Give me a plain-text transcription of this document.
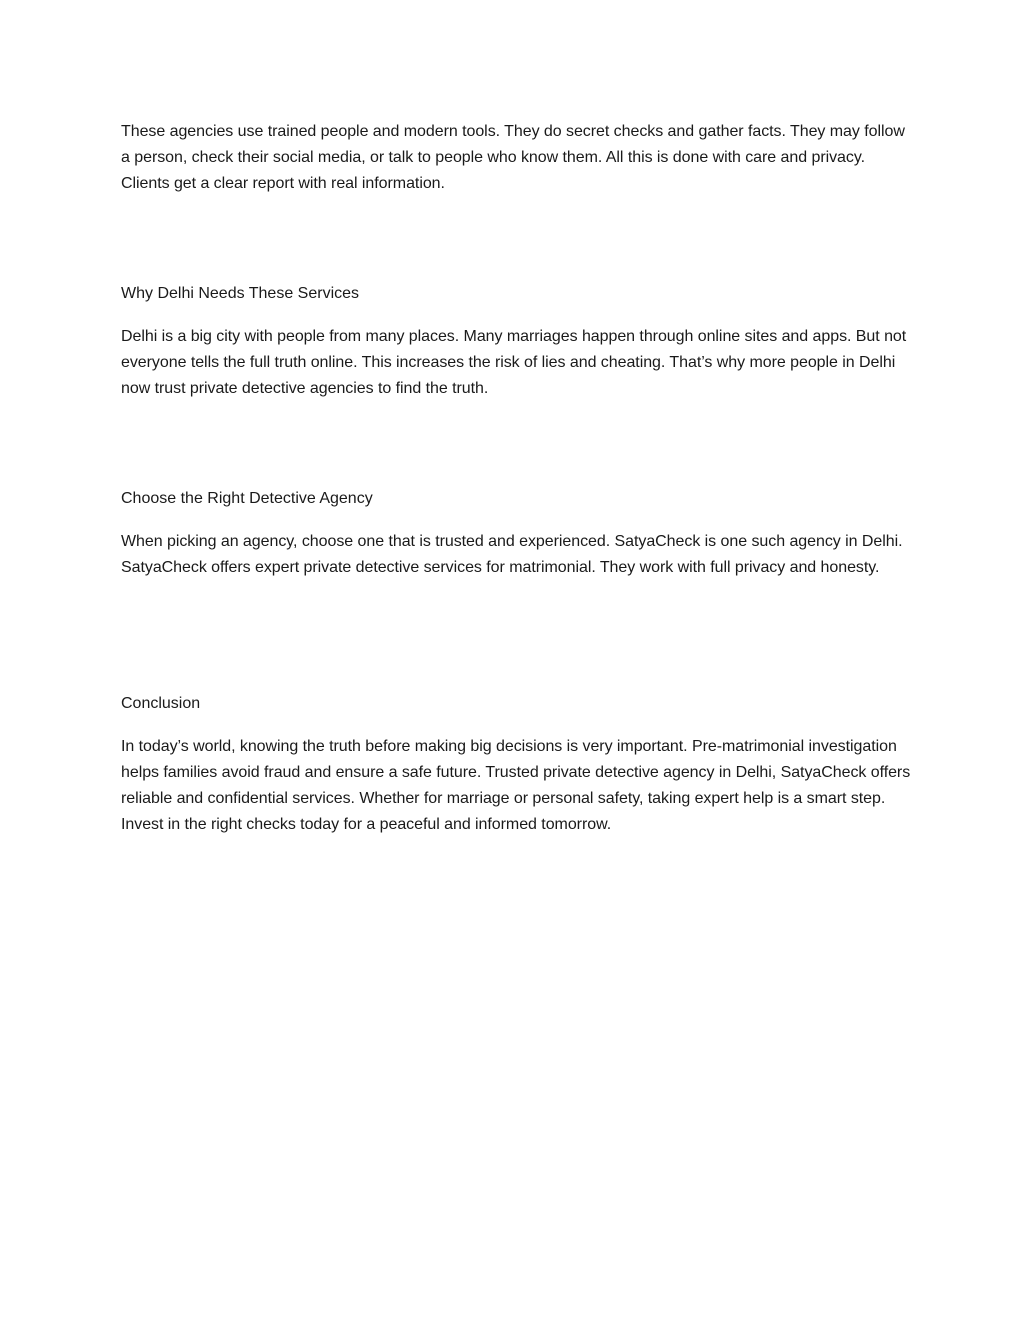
These agencies use trained people and modern tools. They do secret checks and gather facts. They may follow a person, check their social media, or talk to people who know them. All this is done with care and privacy. Clients get a clear report with real information.

Why Delhi Needs These Services

Delhi is a big city with people from many places. Many marriages happen through online sites and apps. But not everyone tells the full truth online. This increases the risk of lies and cheating. That’s why more people in Delhi now trust private detective agencies to find the truth.

Choose the Right Detective Agency

When picking an agency, choose one that is trusted and experienced. SatyaCheck is one such agency in Delhi. SatyaCheck offers expert private detective services for matrimonial. They work with full privacy and honesty.

Conclusion

In today’s world, knowing the truth before making big decisions is very important. Pre-matrimonial investigation helps families avoid fraud and ensure a safe future. Trusted private detective agency in Delhi, SatyaCheck offers reliable and confidential services. Whether for marriage or personal safety, taking expert help is a smart step. Invest in the right checks today for a peaceful and informed tomorrow.
